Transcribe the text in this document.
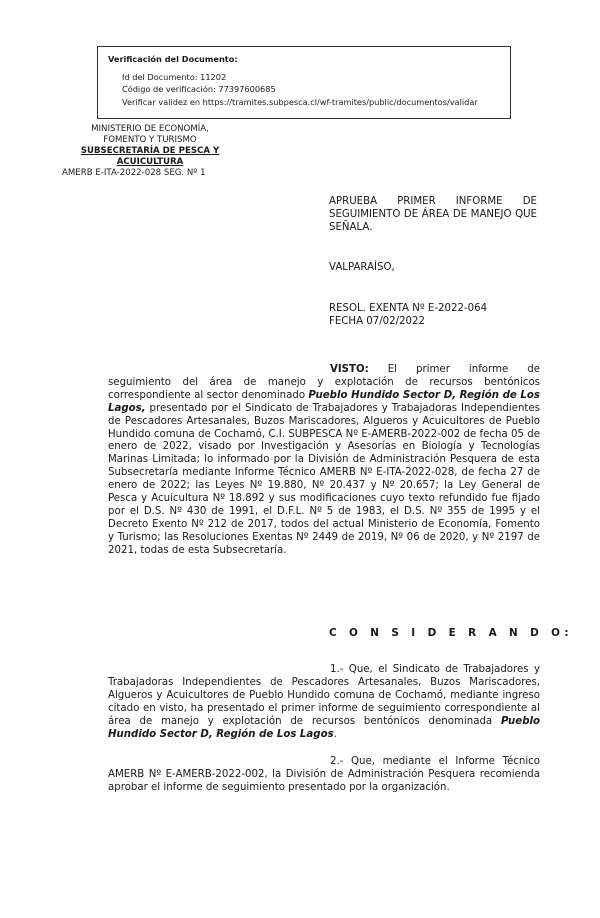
Verificación del Documento:
• Id del Documento: 11202
• Código de verificación: 77397600685
• Verificar validez en https://tramites.subpesca.cl/wf-tramites/public/documentos/validar
MINISTERIO DE ECONOMÍA,
FOMENTO Y TURISMO
SUBSECRETARÍA DE PESCA Y
ACUICULTURA
AMERB E-ITA-2022-028 SEG. Nº 1
APRUEBA PRIMER INFORME DE SEGUIMIENTO DE ÁREA DE MANEJO QUE SEÑALA.
VALPARAÍSO,
RESOL. EXENTA Nº E-2022-064
FECHA 07/02/2022
VISTO: El primer informe de seguimiento del área de manejo y explotación de recursos bentónicos correspondiente al sector denominado Pueblo Hundido Sector D, Región de Los Lagos, presentado por el Sindicato de Trabajadores y Trabajadoras Independientes de Pescadores Artesanales, Buzos Mariscadores, Algueros y Acuicultores de Pueblo Hundido comuna de Cochamó, C.I. SUBPESCA Nº E-AMERB-2022-002 de fecha 05 de enero de 2022, visado por Investigación y Asesorías en Biología y Tecnologías Marinas Limitada; lo informado por la División de Administración Pesquera de esta Subsecretaría mediante Informe Técnico AMERB Nº E-ITA-2022-028, de fecha 27 de enero de 2022; las Leyes Nº 19.880, Nº 20.437 y Nº 20.657; la Ley General de Pesca y Acuicultura Nº 18.892 y sus modificaciones cuyo texto refundido fue fijado por el D.S. Nº 430 de 1991, el D.F.L. Nº 5 de 1983, el D.S. Nº 355 de 1995 y el Decreto Exento Nº 212 de 2017, todos del actual Ministerio de Economía, Fomento y Turismo; las Resoluciones Exentas Nº 2449 de 2019, Nº 06 de 2020, y Nº 2197 de 2021, todas de esta Subsecretaría.
C O N S I D E R A N D O:
1.- Que, el Sindicato de Trabajadores y Trabajadoras Independientes de Pescadores Artesanales, Buzos Mariscadores, Algueros y Acuicultores de Pueblo Hundido comuna de Cochamó, mediante ingreso citado en visto, ha presentado el primer informe de seguimiento correspondiente al área de manejo y explotación de recursos bentónicos denominada Pueblo Hundido Sector D, Región de Los Lagos.
2.- Que, mediante el Informe Técnico AMERB Nº E-AMERB-2022-002, la División de Administración Pesquera recomienda aprobar el informe de seguimiento presentado por la organización.
